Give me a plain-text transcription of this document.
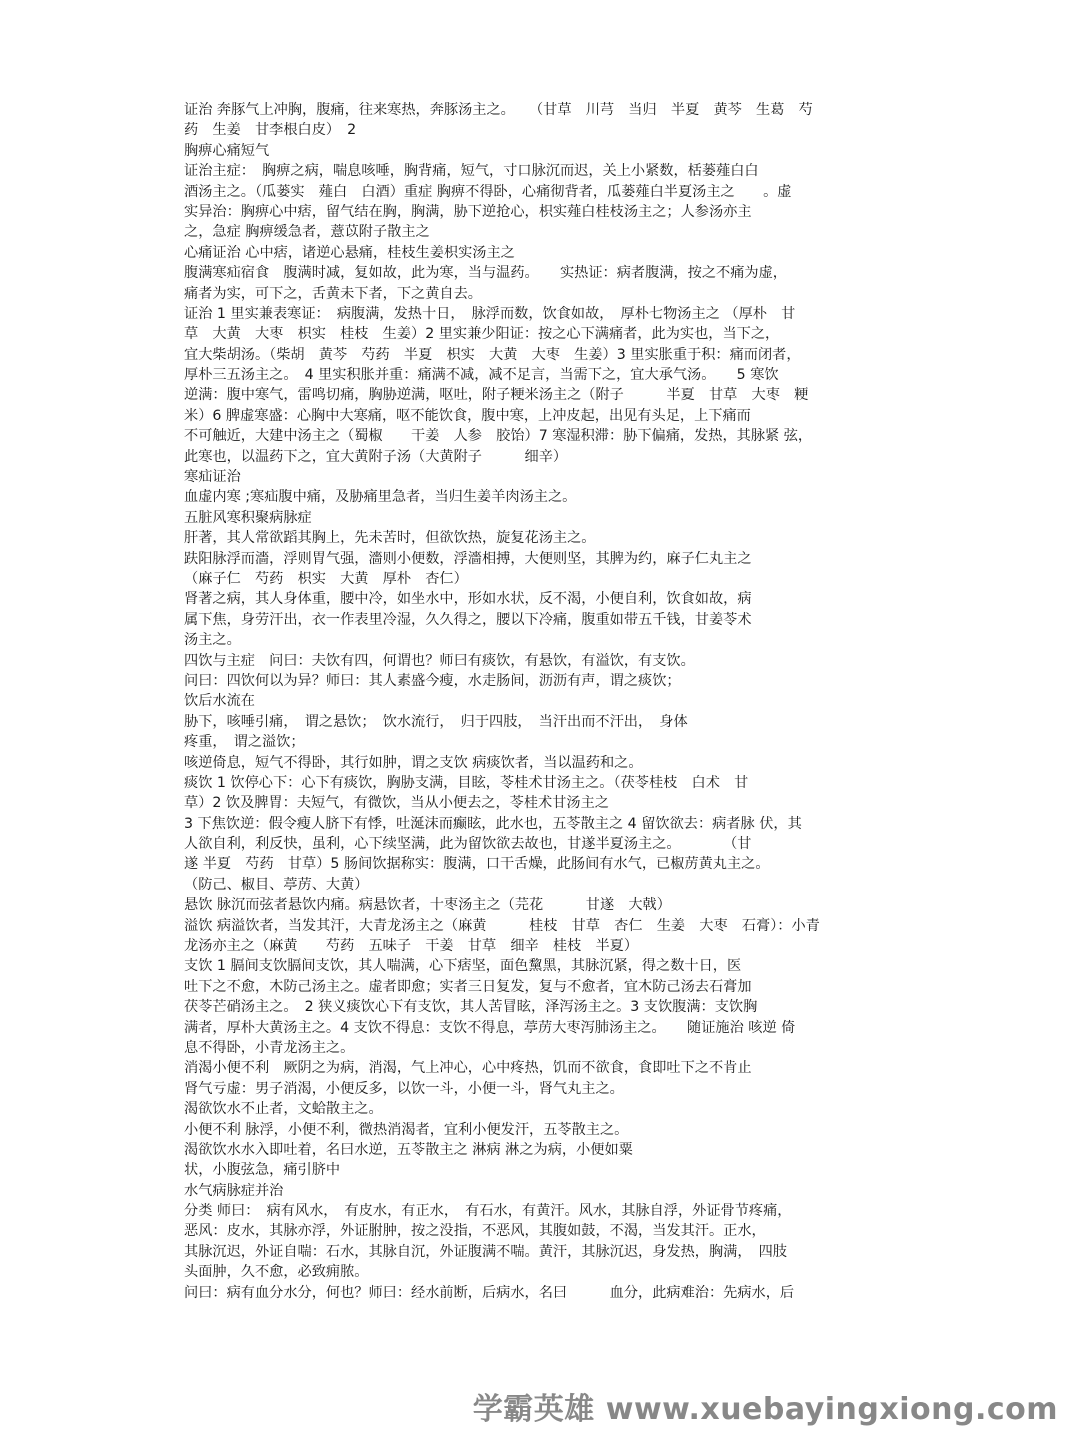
证治 奔豚气上冲胸，腹痛，往来寒热，奔豚汤主之。　　（甘草　川芎　当归　半夏　黄芩　生葛　芍
药　生姜　甘李根白皮）　2
胸痹心痛短气
证治主症：　胸痹之病，喘息咳唾，胸背痛，短气，寸口脉沉而迟，关上小紧数，栝蒌薤白白
酒汤主之。（瓜蒌实　薤白　白酒）重症 胸痹不得卧，心痛彻背者，瓜蒌薤白半夏汤主之　　。虚
实异治：胸痹心中痞，留气结在胸，胸满，胁下逆抢心，枳实薤白桂枝汤主之；人参汤亦主
之，急症 胸痹缓急者，薏苡附子散主之
心痛证治 心中痞，诸逆心悬痛，桂枝生姜枳实汤主之
腹满寒疝宿食　腹满时减，复如故，此为寒，当与温药。　　实热证：病者腹满，按之不痛为虚，
痛者为实，可下之，舌黄未下者，下之黄自去。
证治 1 里实兼表寒证：　病腹满，发热十日，　脉浮而数，饮食如故，　厚朴七物汤主之 （厚朴　甘
草　大黄　大枣　枳实　桂枝　生姜）2 里实兼少阳证：按之心下满痛者，此为实也，当下之，
宜大柴胡汤。（柴胡　黄芩　芍药　半夏　枳实　大黄　大枣　生姜）3 里实胀重于积：痛而闭者，
厚朴三五汤主之。　4 里实积胀并重：痛满不减，减不足言，当需下之，宜大承气汤。　　5 寒饮
逆满：腹中寒气，雷鸣切痛，胸胁逆满，呕吐，附子粳米汤主之（附子　　　半夏　甘草　大枣　粳
米）6 脾虚寒盛：心胸中大寒痛，呕不能饮食，腹中寒，上冲皮起，出见有头足，上下痛而
不可触近，大建中汤主之（蜀椒　　干姜　人参　胶饴）7 寒湿积滞：胁下偏痛，发热，其脉紧 弦，
此寒也，以温药下之，宜大黄附子汤（大黄附子　　　细辛）
寒疝证治
血虚内寒 ;寒疝腹中痛，及胁痛里急者，当归生姜羊肉汤主之。
五脏风寒积聚病脉症
肝著，其人常欲蹈其胸上，先未苦时，但欲饮热，旋复花汤主之。
趺阳脉浮而濇，浮则胃气强，濇则小便数，浮濇相搏，大便则坚，其脾为约，麻子仁丸主之
（麻子仁　芍药　枳实　大黄　厚朴　杏仁）
肾著之病，其人身体重，腰中冷，如坐水中，形如水状，反不渴，小便自利，饮食如故，病
属下焦，身劳汗出，衣一作表里冷湿，久久得之，腰以下冷痛，腹重如带五千钱，甘姜苓术
汤主之。
四饮与主症　问曰：夫饮有四，何谓也？师曰有痰饮，有悬饮，有溢饮，有支饮。
问曰：四饮何以为异？师曰：其人素盛今瘦，水走肠间，沥沥有声，谓之痰饮；
饮后水流在
胁下，咳唾引痛，　谓之悬饮；　饮水流行，　归于四肢，　当汗出而不汗出，　身体
疼重，　谓之溢饮；
咳逆倚息，短气不得卧，其行如肿，谓之支饮 病痰饮者，当以温药和之。
痰饮 1 饮停心下：心下有痰饮，胸胁支满，目眩，苓桂术甘汤主之。（茯苓桂枝　白术　甘
草）2 饮及脾胃：夫短气，有微饮，当从小便去之，苓桂术甘汤主之
3 下焦饮逆：假令瘦人脐下有悸，吐涎沫而癫眩，此水也，五苓散主之 4 留饮欲去：病者脉 伏，其
人欲自利，利反快，虽利，心下续坚满，此为留饮欲去故也，甘遂半夏汤主之。　　　　（甘
遂 半夏　芍药　甘草）5 肠间饮据称实：腹满，口干舌燥，此肠间有水气，已椒苈黄丸主之。
（防己、椒目、葶苈、大黄）
悬饮 脉沉而弦者悬饮内痛。病悬饮者，十枣汤主之（芫花　　　甘遂　大戟）
溢饮 病溢饮者，当发其汗，大青龙汤主之（麻黄　　　桂枝　甘草　杏仁　生姜　大枣　石膏）：小青
龙汤亦主之（麻黄　　芍药　五味子　干姜　甘草　细辛　桂枝　半夏）
支饮 1 膈间支饮膈间支饮，其人喘满，心下痞坚，面色黧黑，其脉沉紧，得之数十日，医
吐下之不愈，木防己汤主之。虚者即愈；实者三日复发，复与不愈者，宜木防己汤去石膏加
茯苓芒硝汤主之。　2 狭义痰饮心下有支饮，其人苦冒眩，泽泻汤主之。3 支饮腹满：支饮胸
满者，厚朴大黄汤主之。4 支饮不得息：支饮不得息，葶苈大枣泻肺汤主之。　　随证施治 咳逆 倚
息不得卧，小青龙汤主之。
消渴小便不利　厥阴之为病，消渴，气上冲心，心中疼热，饥而不欲食，食即吐下之不肯止
肾气亏虚：男子消渴，小便反多，以饮一斗，小便一斗，肾气丸主之。
渴欲饮水不止者，文蛤散主之。
小便不利 脉浮，小便不利，微热消渴者，宜利小便发汗，五苓散主之。
渴欲饮水水入即吐着，名曰水逆，五苓散主之 淋病 淋之为病，小便如粟
状，小腹弦急，痛引脐中
水气病脉症并治
分类 师曰：　病有风水，　有皮水，有正水，　有石水，有黄汗。风水，其脉自浮，外证骨节疼痛，
恶风：皮水，其脉亦浮，外证胕肿，按之没指，不恶风，其腹如鼓，不渴，当发其汗。正水，
其脉沉迟，外证自喘：石水，其脉自沉，外证腹满不喘。黄汗，其脉沉迟，身发热，胸满，　四肢
头面肿，久不愈，必致痈脓。
问曰：病有血分水分，何也？师曰：经水前断，后病水，名曰　　　血分，此病难治：先病水，后
学霸英雄 www.xuebayingxiong.com
